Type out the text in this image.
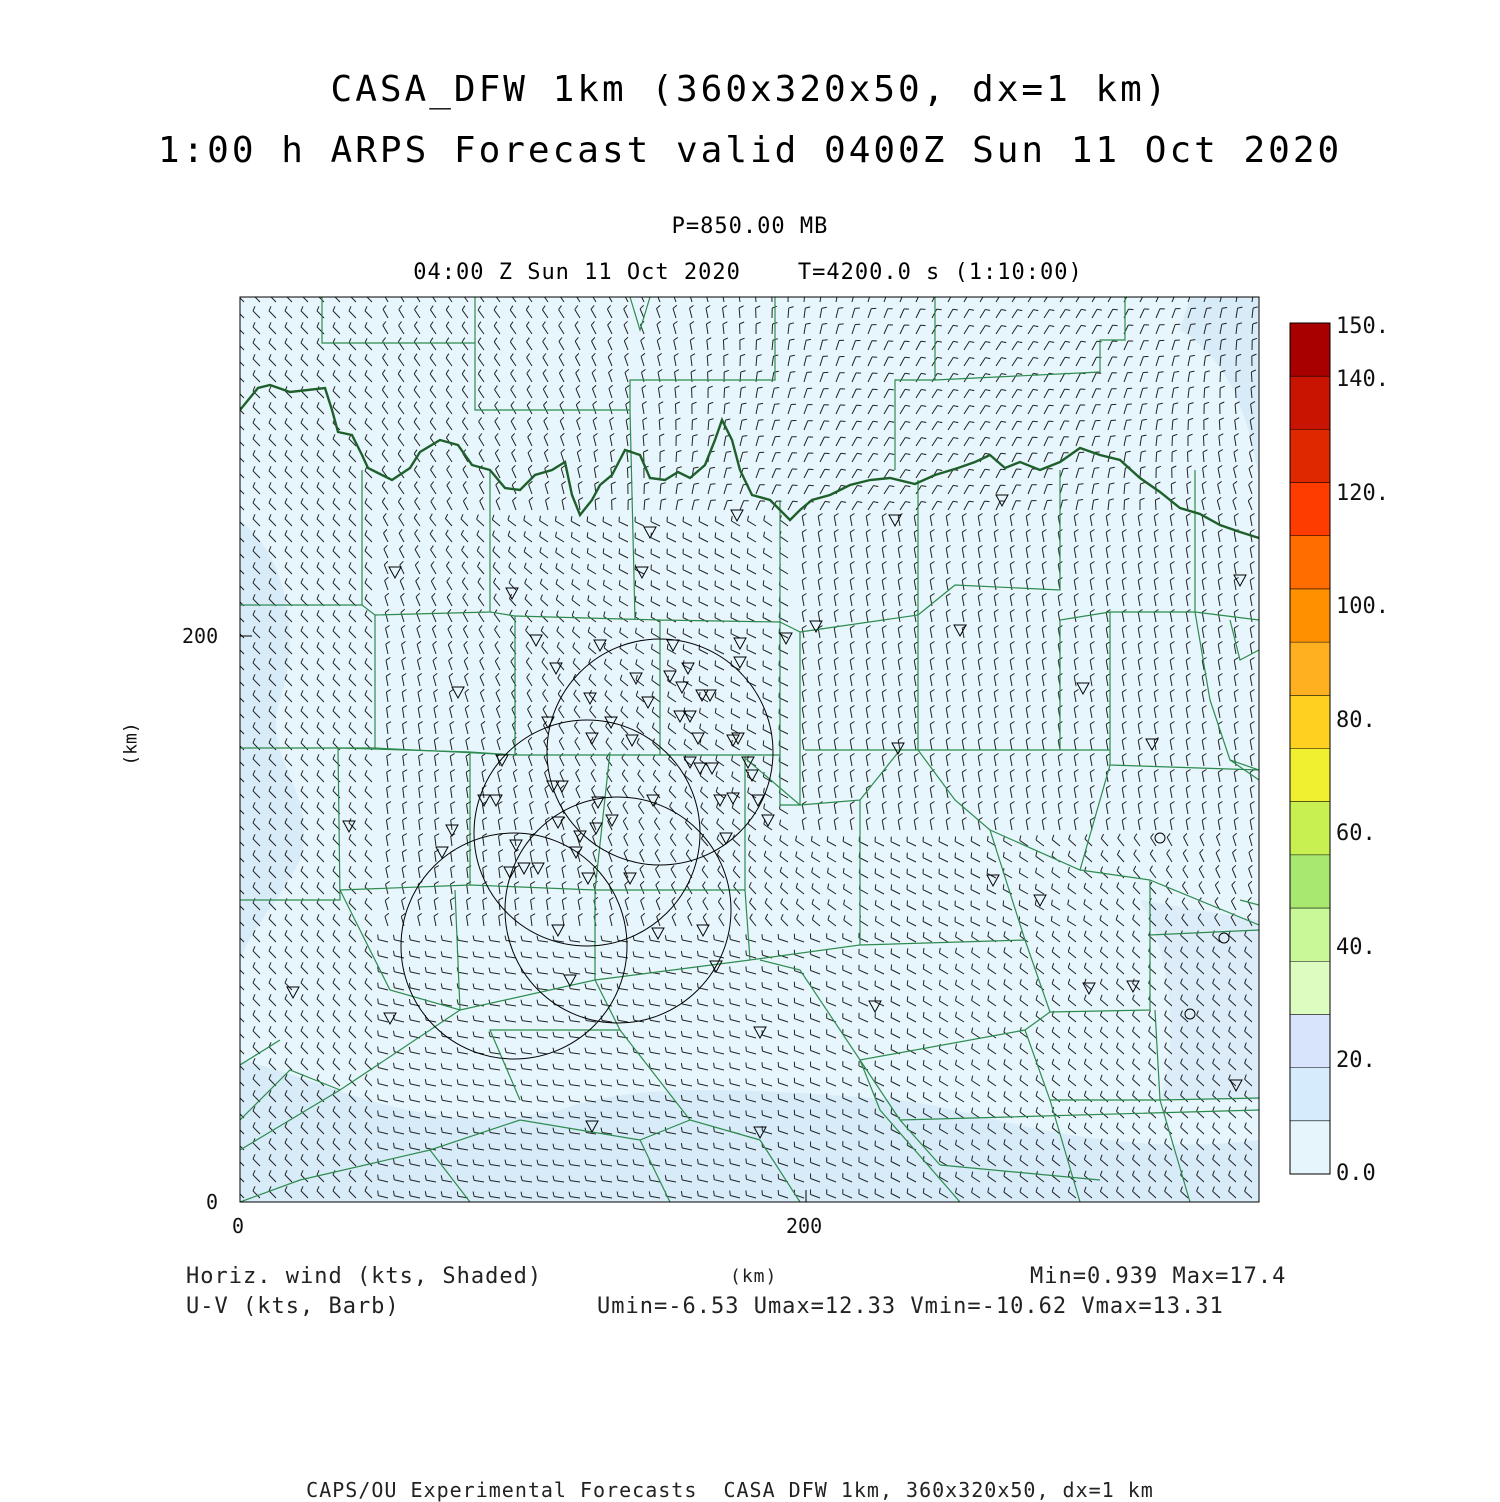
CASA_DFW 1km (360x320x50, dx=1 km)
1:00 h ARPS Forecast valid 0400Z Sun 11 Oct 2020
P=850.00 MB
04:00 Z Sun 11 Oct 2020    T=4200.0 s (1:10:00)
200
0
0	200
(km)
150.
140.
120.
100.
80.
60.
40.
20.
0.0
Horiz. wind (kts, Shaded)
U-V (kts, Barb)
(km)	Min=0.939 Max=17.4
Umin=-6.53 Umax=12.33 Vmin=-10.62 Vmax=13.31
CAPS/OU Experimental Forecasts  CASA DFW 1km, 360x320x50, dx=1 km
